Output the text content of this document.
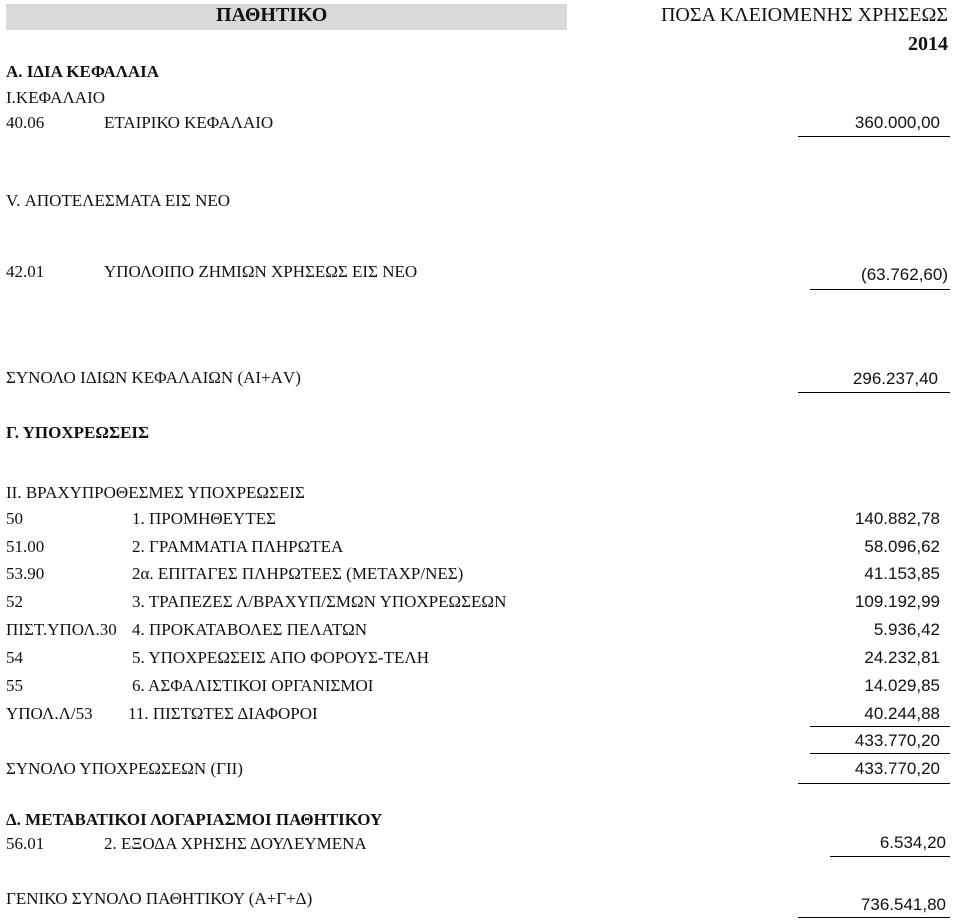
ΠΑΘΗΤΙΚΟ	ΠΟΣΑ ΚΛΕΙΟΜΕΝΗΣ ΧΡΗΣΕΩΣ
2014
Α. ΙΔΙΑ ΚΕΦΑΛΑΙΑ
Ι.ΚΕΦΑΛΑΙΟ
40.06	ΕΤΑΙΡΙΚΟ ΚΕΦΑΛΑΙΟ	360.000,00
V. ΑΠΟΤΕΛΕΣΜΑΤΑ ΕΙΣ ΝΕΟ
42.01	ΥΠΟΛΟΙΠΟ ΖΗΜΙΩΝ ΧΡΗΣΕΩΣ ΕΙΣ ΝΕΟ	(63.762,60)
ΣΥΝΟΛΟ ΙΔΙΩΝ ΚΕΦΑΛΑΙΩΝ (ΑΙ+ΑV)	296.237,40
Γ. ΥΠΟΧΡΕΩΣΕΙΣ
ΙΙ. ΒΡΑΧΥΠΡΟΘΕΣΜΕΣ ΥΠΟΧΡΕΩΣΕΙΣ
50	1. ΠΡΟΜΗΘΕΥΤΕΣ	140.882,78
51.00	2. ΓΡΑΜΜΑΤΙΑ ΠΛΗΡΩΤΕΑ	58.096,62
53.90	2α. ΕΠΙΤΑΓΕΣ ΠΛΗΡΩΤΕΕΣ (ΜΕΤΑΧΡ/ΝΕΣ)	41.153,85
52	3. ΤΡΑΠΕΖΕΣ Λ/ΒΡΑΧΥΠ/ΣΜΩΝ ΥΠΟΧΡΕΩΣΕΩΝ	109.192,99
ΠΙΣΤ.ΥΠΟΛ.30 4. ΠΡΟΚΑΤΑΒΟΛΕΣ ΠΕΛΑΤΩΝ	5.936,42
54	5. ΥΠΟΧΡΕΩΣΕΙΣ ΑΠΟ ΦΟΡΟΥΣ-ΤΕΛΗ	24.232,81
55	6. ΑΣΦΑΛΙΣΤΙΚΟΙ ΟΡΓΑΝΙΣΜΟΙ	14.029,85
ΥΠΟΛ.Λ/53 11. ΠΙΣΤΩΤΕΣ ΔΙΑΦΟΡΟΙ	40.244,88
433.770,20
ΣΥΝΟΛΟ ΥΠΟΧΡΕΩΣΕΩΝ (ΓΙΙ)	433.770,20
Δ. ΜΕΤΑΒΑΤΙΚΟΙ ΛΟΓΑΡΙΑΣΜΟΙ ΠΑΘΗΤΙΚΟΥ
56.01	2. ΕΞΟΔΑ ΧΡΗΣΗΣ ΔΟΥΛΕΥΜΕΝΑ	6.534,20
ΓΕΝΙΚΟ ΣΥΝΟΛΟ ΠΑΘΗΤΙΚΟΥ (Α+Γ+Δ)	736.541,80
